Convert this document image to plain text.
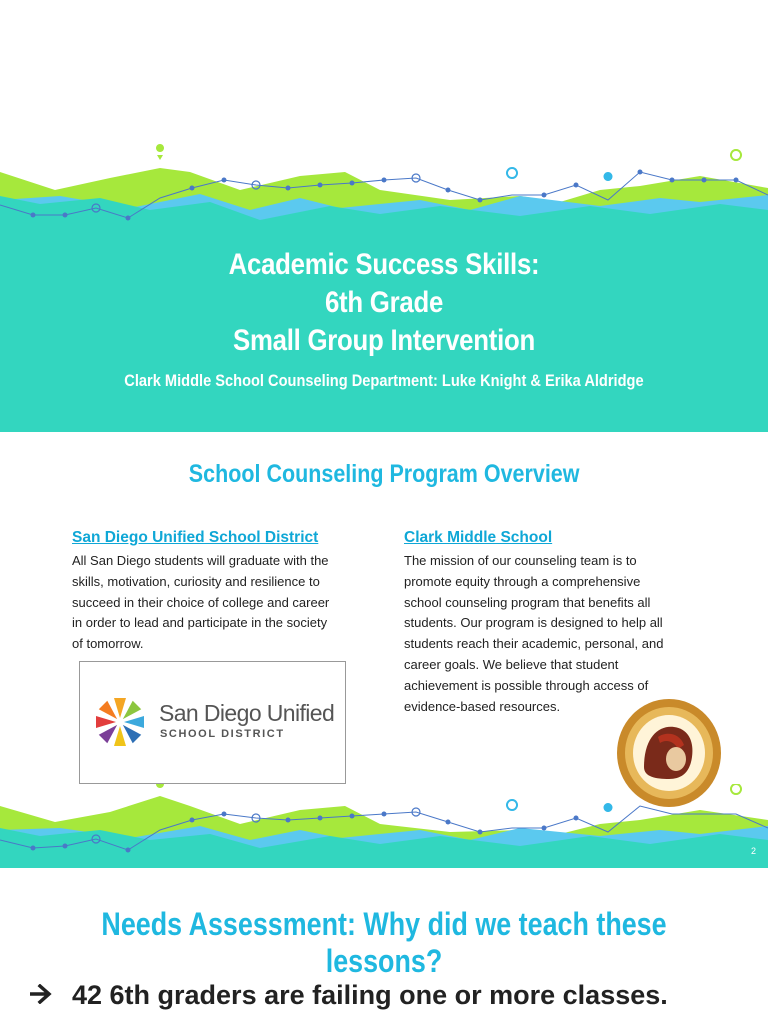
Academic Success Skills:
6th Grade
Small Group Intervention
Clark Middle School Counseling Department: Luke Knight & Erika Aldridge
School Counseling Program Overview
San Diego Unified School District
All San Diego students will graduate with the
skills, motivation, curiosity and resilience to
succeed in their choice of college and career
in order to lead and participate in the society
of tomorrow.
San Diego Unified
SCHOOL DISTRICT
Clark Middle School
The mission of our counseling team is to
promote equity through a comprehensive
school counseling program that benefits all
students. Our program is designed to help all
students reach their academic, personal, and
career goals. We believe that student
achievement is possible through access of
evidence-based resources.
2
Needs Assessment: Why did we teach these lessons?
42 6th graders are failing one or more classes.
